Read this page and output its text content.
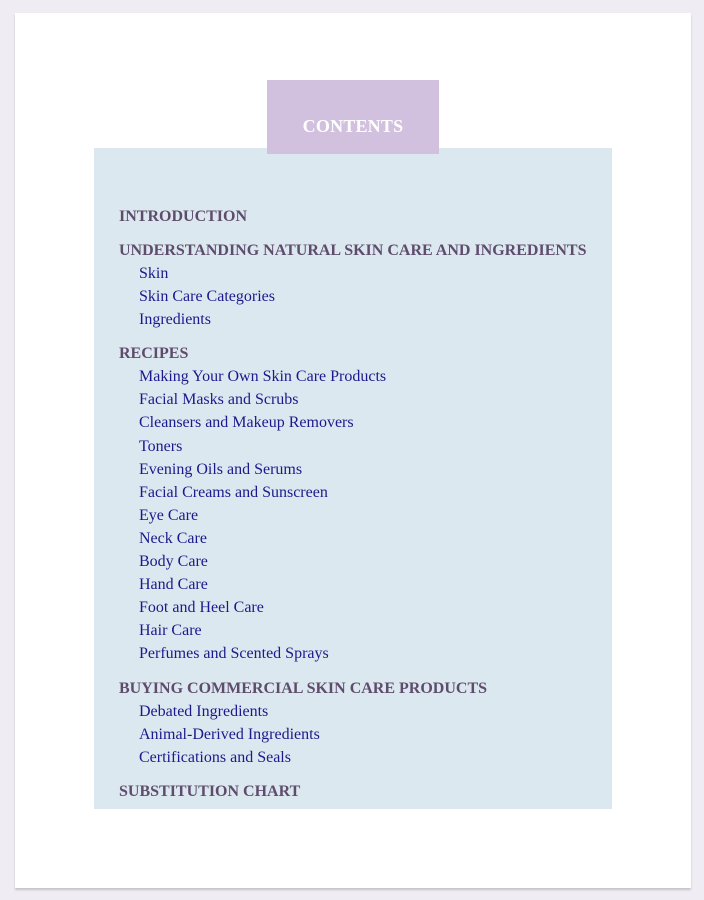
CONTENTS
INTRODUCTION
UNDERSTANDING NATURAL SKIN CARE AND INGREDIENTS
Skin
Skin Care Categories
Ingredients
RECIPES
Making Your Own Skin Care Products
Facial Masks and Scrubs
Cleansers and Makeup Removers
Toners
Evening Oils and Serums
Facial Creams and Sunscreen
Eye Care
Neck Care
Body Care
Hand Care
Foot and Heel Care
Hair Care
Perfumes and Scented Sprays
BUYING COMMERCIAL SKIN CARE PRODUCTS
Debated Ingredients
Animal-Derived Ingredients
Certifications and Seals
SUBSTITUTION CHART
